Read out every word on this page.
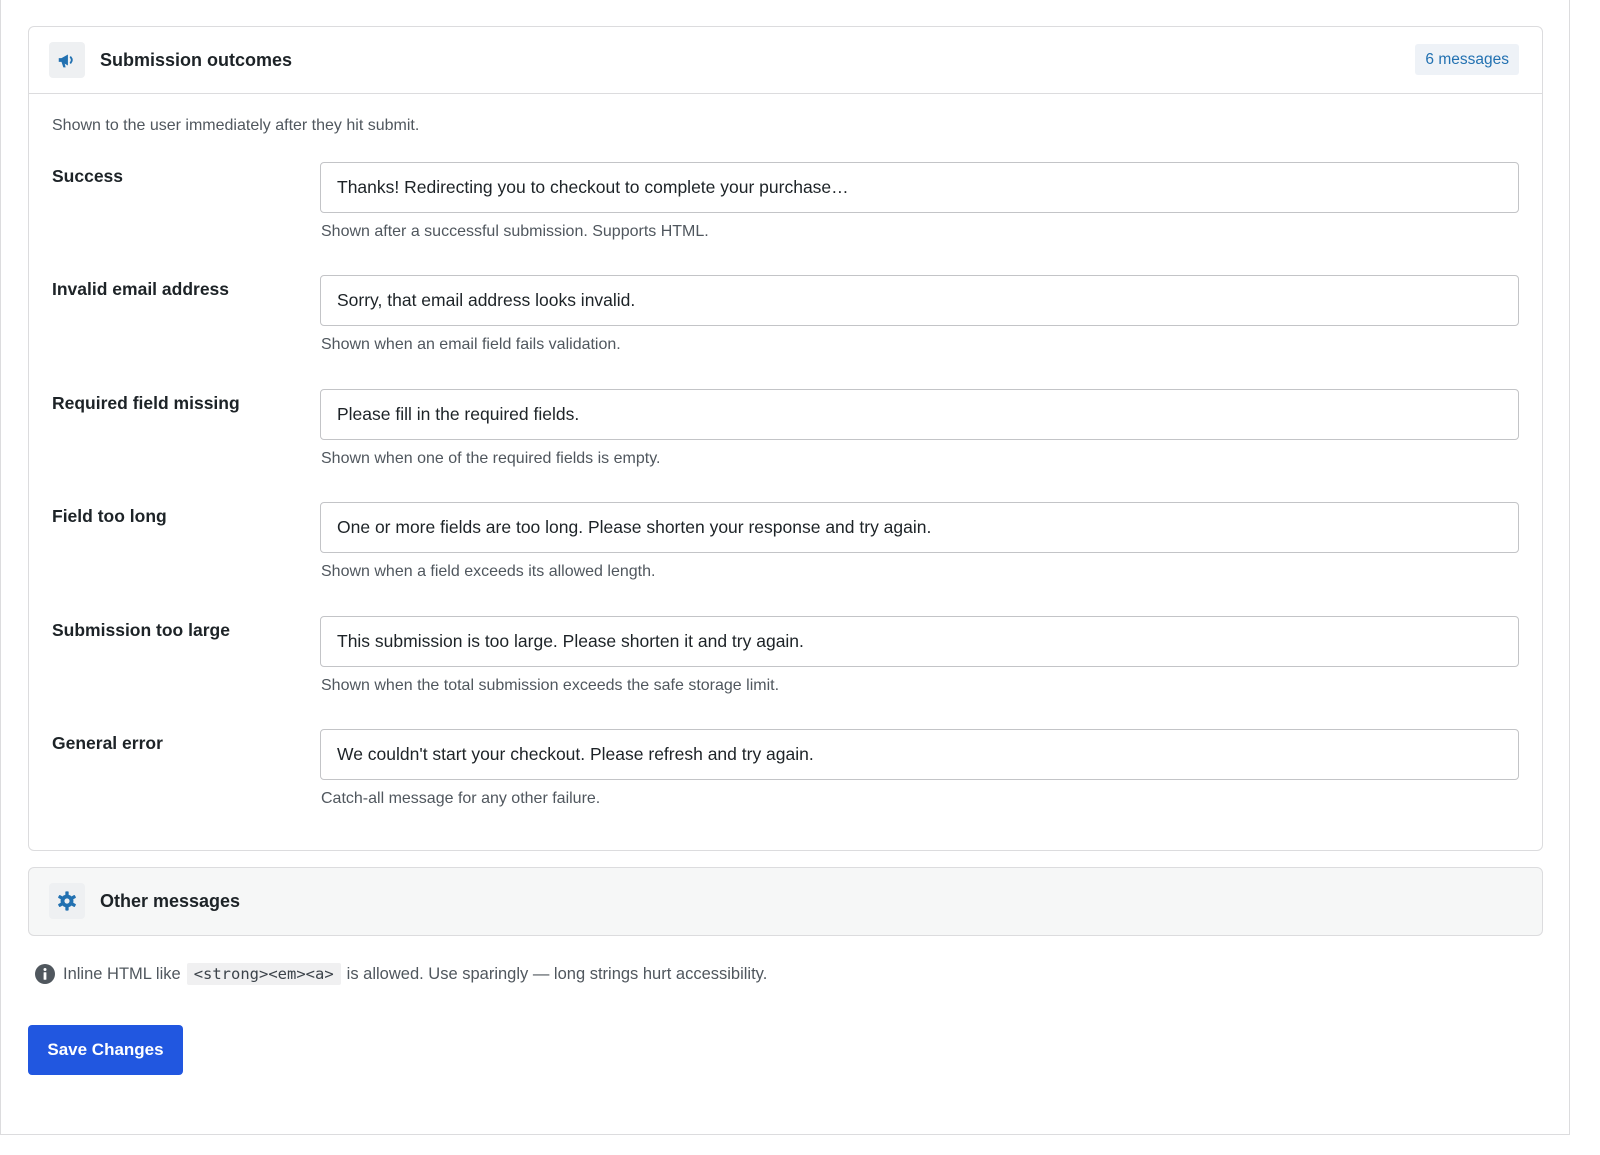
Submission outcomes	6 messages
Shown to the user immediately after they hit submit.
Success
Thanks! Redirecting you to checkout to complete your purchase…
Shown after a successful submission. Supports HTML.
Invalid email address
Sorry, that email address looks invalid.
Shown when an email field fails validation.
Required field missing
Please fill in the required fields.
Shown when one of the required fields is empty.
Field too long
One or more fields are too long. Please shorten your response and try again.
Shown when a field exceeds its allowed length.
Submission too large
This submission is too large. Please shorten it and try again.
Shown when the total submission exceeds the safe storage limit.
General error
We couldn't start your checkout. Please refresh and try again.
Catch-all message for any other failure.
Other messages
Inline HTML like <strong><em><a> is allowed. Use sparingly — long strings hurt accessibility.
Save Changes
